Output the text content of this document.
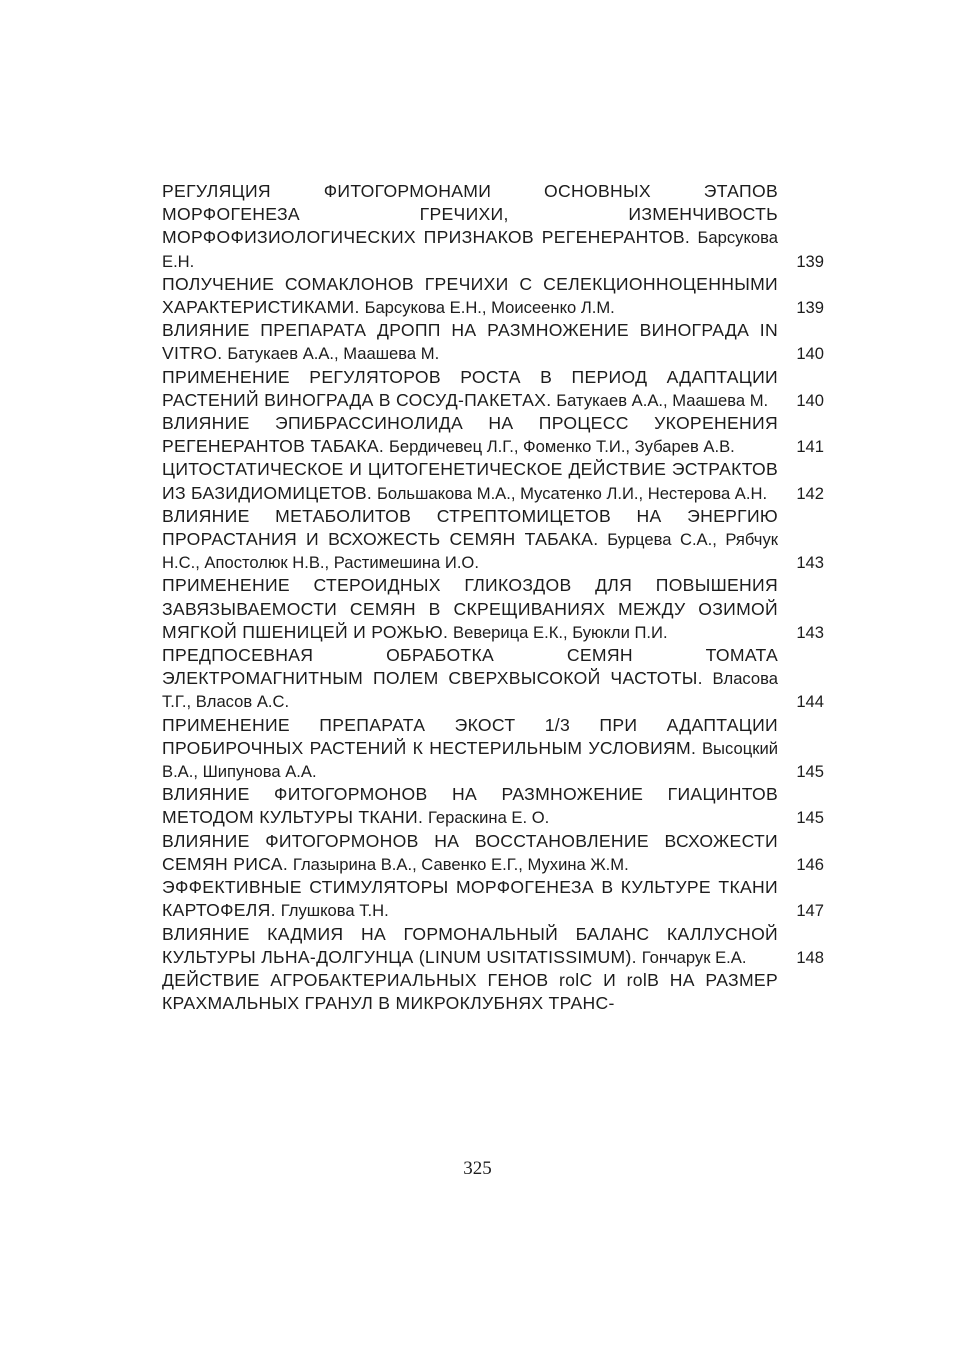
РЕГУЛЯЦИЯ ФИТОГОРМОНАМИ ОСНОВНЫХ ЭТАПОВ МОРФОГЕНЕЗА ГРЕЧИХИ, ИЗМЕНЧИВОСТЬ МОРФОФИЗИОЛОГИЧЕСКИХ ПРИЗНАКОВ РЕГЕНЕРАНТОВ. Барсукова Е.Н.	139
ПОЛУЧЕНИЕ СОМАКЛОНОВ ГРЕЧИХИ С СЕЛЕКЦИОННОЦЕННЫМИ ХАРАКТЕРИСТИКАМИ. Барсукова Е.Н., Моисеенко Л.М.	139
ВЛИЯНИЕ ПРЕПАРАТА ДРОПП НА РАЗМНОЖЕНИЕ ВИНОГРАДА IN VITRO. Батукаев А.А., Маашева М.	140
ПРИМЕНЕНИЕ РЕГУЛЯТОРОВ РОСТА В ПЕРИОД АДАПТАЦИИ РАСТЕНИЙ ВИНОГРАДА В СОСУД-ПАКЕТАХ. Батукаев А.А., Маашева М.	140
ВЛИЯНИЕ ЭПИБРАССИНОЛИДА НА ПРОЦЕСС УКОРЕНЕНИЯ РЕГЕНЕРАНТОВ ТАБАКА. Бердичевец Л.Г., Фоменко Т.И., Зубарев А.В.	141
ЦИТОСТАТИЧЕСКОЕ И ЦИТОГЕНЕТИЧЕСКОЕ ДЕЙСТВИЕ ЭСТРАКТОВ ИЗ БАЗИДИОМИЦЕТОВ. Большакова М.А., Мусатенко Л.И., Нестерова А.Н.	142
ВЛИЯНИЕ МЕТАБОЛИТОВ СТРЕПТОМИЦЕТОВ НА ЭНЕРГИЮ ПРОРАСТАНИЯ И ВСХОЖЕСТЬ СЕМЯН ТАБАКА. Бурцева С.А., Рябчук Н.С., Апостолюк Н.В., Растимешина И.О.	143
ПРИМЕНЕНИЕ СТЕРОИДНЫХ ГЛИКОЗДОВ ДЛЯ ПОВЫШЕНИЯ ЗАВЯЗЫВАЕМОСТИ СЕМЯН В СКРЕЩИВАНИЯХ МЕЖДУ ОЗИМОЙ МЯГКОЙ ПШЕНИЦЕЙ И РОЖЬЮ. Веверица Е.К., Буюкли П.И.	143
ПРЕДПОСЕВНАЯ ОБРАБОТКА СЕМЯН ТОМАТА ЭЛЕКТРОМАГНИТНЫМ ПОЛЕМ СВЕРХВЫСОКОЙ ЧАСТОТЫ. Власова Т.Г., Власов А.С.	144
ПРИМЕНЕНИЕ ПРЕПАРАТА ЭКОСТ 1/3 ПРИ АДАПТАЦИИ ПРОБИРОЧНЫХ РАСТЕНИЙ К НЕСТЕРИЛЬНЫМ УСЛОВИЯМ. Высоцкий В.А., Шипунова А.А.	145
ВЛИЯНИЕ ФИТОГОРМОНОВ НА РАЗМНОЖЕНИЕ ГИАЦИНТОВ МЕТОДОМ КУЛЬТУРЫ ТКАНИ. Гераскина Е. О.	145
ВЛИЯНИЕ ФИТОГОРМОНОВ НА ВОССТАНОВЛЕНИЕ ВСХОЖЕСТИ СЕМЯН РИСА. Глазырина В.А., Савенко Е.Г., Мухина Ж.М.	146
ЭФФЕКТИВНЫЕ СТИМУЛЯТОРЫ МОРФОГЕНЕЗА В КУЛЬТУРЕ ТКАНИ КАРТОФЕЛЯ. Глушкова Т.Н.	147
ВЛИЯНИЕ КАДМИЯ НА ГОРМОНАЛЬНЫЙ БАЛАНС КАЛЛУСНОЙ КУЛЬТУРЫ ЛЬНА-ДОЛГУНЦА (LINUM USITATISSIMUM). Гончарук Е.А.	148
ДЕЙСТВИЕ АГРОБАКТЕРИАЛЬНЫХ ГЕНОВ rolC И rolB НА РАЗМЕР КРАХМАЛЬНЫХ ГРАНУЛ В МИКРОКЛУБНЯХ ТРАНС-
325
